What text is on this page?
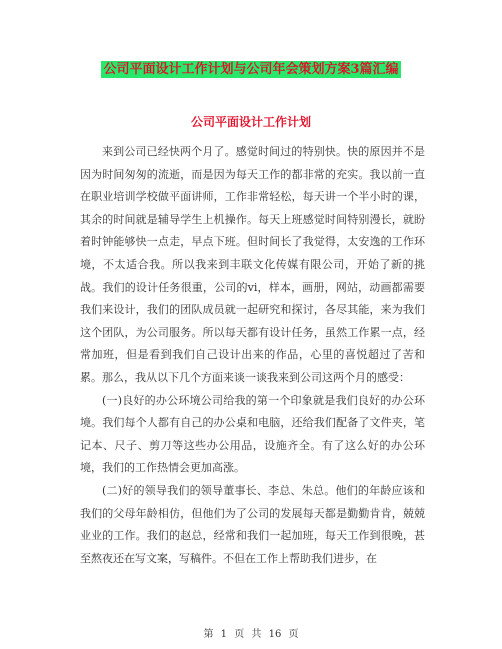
公司平面设计工作计划与公司年会策划方案3篇汇编
公司平面设计工作计划

来到公司已经快两个月了。感觉时间过的特别快。快的原因并不是因为时间匆匆的流逝，而是因为每天工作的都非常的充实。我以前一直在职业培训学校做平面讲师，工作非常轻松，每天讲一个半小时的课，其余的时间就是辅导学生上机操作。每天上班感觉时间特别漫长，就盼着时钟能够快一点走，早点下班。但时间长了我觉得，太安逸的工作环境，不太适合我。所以我来到丰联文化传媒有限公司，开始了新的挑战。我们的设计任务很重，公司的vi，样本，画册，网站，动画都需要我们来设计，我们的团队成员就一起研究和探讨，各尽其能，来为我们这个团队，为公司服务。所以每天都有设计任务，虽然工作累一点，经常加班，但是看到我们自己设计出来的作品，心里的喜悦超过了苦和累。那么，我从以下几个方面来谈一谈我来到公司这两个月的感受：

(一)良好的办公环境公司给我的第一个印象就是我们良好的办公环境。我们每个人都有自己的办公桌和电脑，还给我们配备了文件夹，笔记本、尺子、剪刀等这些办公用品，设施齐全。有了这么好的办公环境，我们的工作热情会更加高涨。

(二)好的领导我们的领导董事长、李总、朱总。他们的年龄应该和我们的父母年龄相仿，但他们为了公司的发展每天都是勤勤肯肯，兢兢业业的工作。我们的赵总，经常和我们一起加班，每天工作到很晚，甚至熬夜还在写文案，写稿件。不但在工作上帮助我们进步，在

第 1 页 共 16 页
